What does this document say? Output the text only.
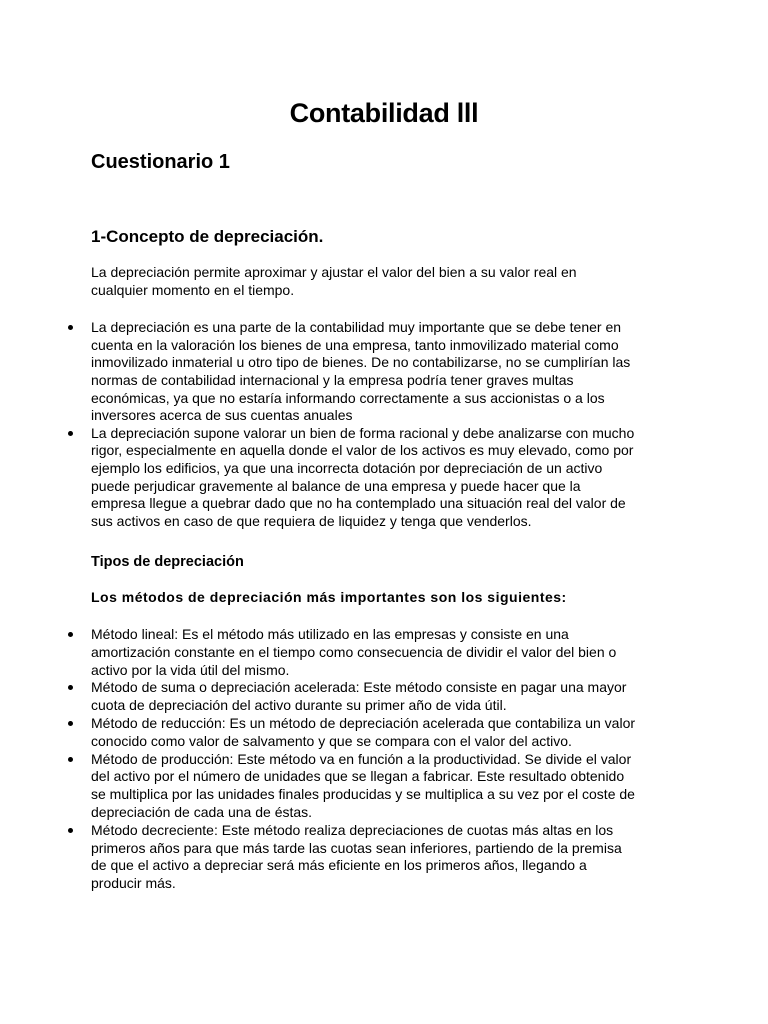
Contabilidad lll
Cuestionario 1
1-Concepto de depreciación.
La depreciación permite aproximar y ajustar el valor del bien a su valor real en
cualquier momento en el tiempo.
La depreciación es una parte de la contabilidad muy importante que se debe tener en
cuenta en la valoración los bienes de una empresa, tanto inmovilizado material como
inmovilizado inmaterial u otro tipo de bienes. De no contabilizarse, no se cumplirían las
normas de contabilidad internacional y la empresa podría tener graves multas
económicas, ya que no estaría informando correctamente a sus accionistas o a los
inversores acerca de sus cuentas anuales
La depreciación supone valorar un bien de forma racional y debe analizarse con mucho
rigor, especialmente en aquella donde el valor de los activos es muy elevado, como por
ejemplo los edificios, ya que una incorrecta dotación por depreciación de un activo
puede perjudicar gravemente al balance de una empresa y puede hacer que la
empresa llegue a quebrar dado que no ha contemplado una situación real del valor de
sus activos en caso de que requiera de liquidez y tenga que venderlos.
Tipos de depreciación
Los métodos de depreciación más importantes son los siguientes:
Método lineal: Es el método más utilizado en las empresas y consiste en una
amortización constante en el tiempo como consecuencia de dividir el valor del bien o
activo por la vida útil del mismo.
Método de suma o depreciación acelerada: Este método consiste en pagar una mayor
cuota de depreciación del activo durante su primer año de vida útil.
Método de reducción: Es un método de depreciación acelerada que contabiliza un valor
conocido como valor de salvamento y que se compara con el valor del activo.
Método de producción: Este método va en función a la productividad. Se divide el valor
del activo por el número de unidades que se llegan a fabricar. Este resultado obtenido
se multiplica por las unidades finales producidas y se multiplica a su vez por el coste de
depreciación de cada una de éstas.
Método decreciente: Este método realiza depreciaciones de cuotas más altas en los
primeros años para que más tarde las cuotas sean inferiores, partiendo de la premisa
de que el activo a depreciar será más eficiente en los primeros años, llegando a
producir más.
